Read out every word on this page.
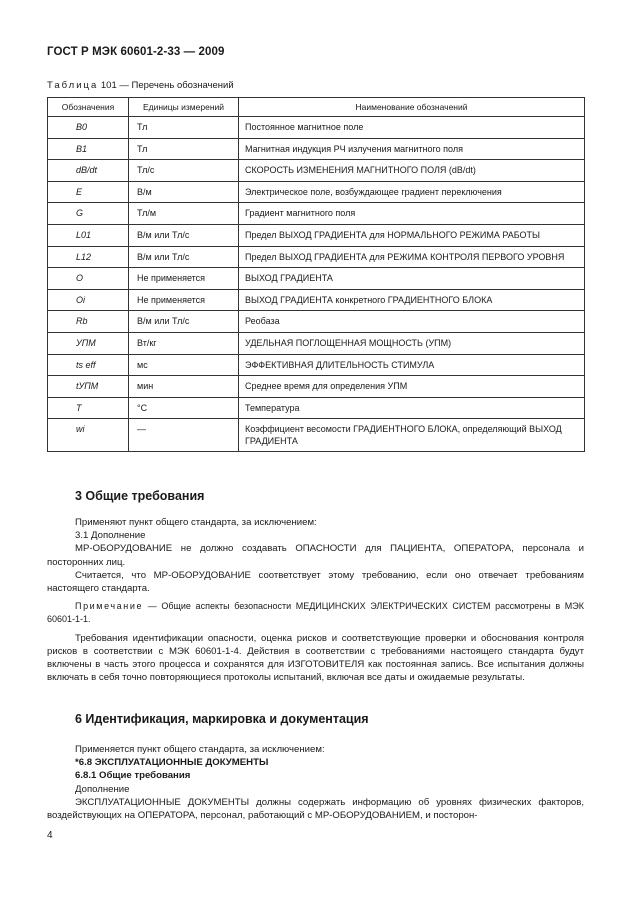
ГОСТ Р МЭК 60601-2-33 — 2009
Таблица 101 — Перечень обозначений
Обозначения	Единицы измерений	Наименование обозначений
B0	Тл	Постоянное магнитное поле
B1	Тл	Магнитная индукция РЧ излучения магнитного поля
dB/dt	Тл/с	СКОРОСТЬ ИЗМЕНЕНИЯ МАГНИТНОГО ПОЛЯ (dB/dt)
E	В/м	Электрическое поле, возбуждающее градиент переключения
G	Тл/м	Градиент магнитного поля
L01	В/м или Тл/с	Предел ВЫХОД ГРАДИЕНТА для НОРМАЛЬНОГО РЕЖИМА РАБОТЫ
L12	В/м или Тл/с	Предел ВЫХОД ГРАДИЕНТА для РЕЖИМА КОНТРОЛЯ ПЕРВОГО УРОВНЯ
O	Не применяется	ВЫХОД ГРАДИЕНТА
Oi	Не применяется	ВЫХОД ГРАДИЕНТА конкретного ГРАДИЕНТНОГО БЛОКА
Rb	В/м или Тл/с	Реобаза
УПМ	Вт/кг	УДЕЛЬНАЯ ПОГЛОЩЕННАЯ МОЩНОСТЬ (УПМ)
ts eff	мс	ЭФФЕКТИВНАЯ ДЛИТЕЛЬНОСТЬ СТИМУЛА
tУПМ	мин	Среднее время для определения УПМ
T	°C	Температура
wi	—	Коэффициент весомости ГРАДИЕНТНОГО БЛОКА, определяющий ВЫХОД ГРАДИЕНТА
3 Общие требования

Применяют пункт общего стандарта, за исключением:

3.1 Дополнение

МР-ОБОРУДОВАНИЕ не должно создавать ОПАСНОСТИ для ПАЦИЕНТА, ОПЕРАТОРА, персонала и посторонних лиц.

Считается, что МР-ОБОРУДОВАНИЕ соответствует этому требованию, если оно отвечает требованиям настоящего стандарта.

Примечание — Общие аспекты безопасности МЕДИЦИНСКИХ ЭЛЕКТРИЧЕСКИХ СИСТЕМ рассмотрены в МЭК 60601-1-1.

Требования идентификации опасности, оценка рисков и соответствующие проверки и обоснования контроля рисков в соответствии с МЭК 60601-1-4. Действия в соответствии с требованиями настоящего стандарта будут включены в часть этого процесса и сохранятся для ИЗГОТОВИТЕЛЯ как постоянная запись. Все испытания должны включать в себя точно повторяющиеся протоколы испытаний, включая все даты и ожидаемые результаты.

6 Идентификация, маркировка и документация

Применяется пункт общего стандарта, за исключением:

*6.8 ЭКСПЛУАТАЦИОННЫЕ ДОКУМЕНТЫ

6.8.1 Общие требования

Дополнение

ЭКСПЛУАТАЦИОННЫЕ ДОКУМЕНТЫ должны содержать информацию об уровнях физических факторов, воздействующих на ОПЕРАТОРА, персонал, работающий с МР-ОБОРУДОВАНИЕМ, и посторон-

4
